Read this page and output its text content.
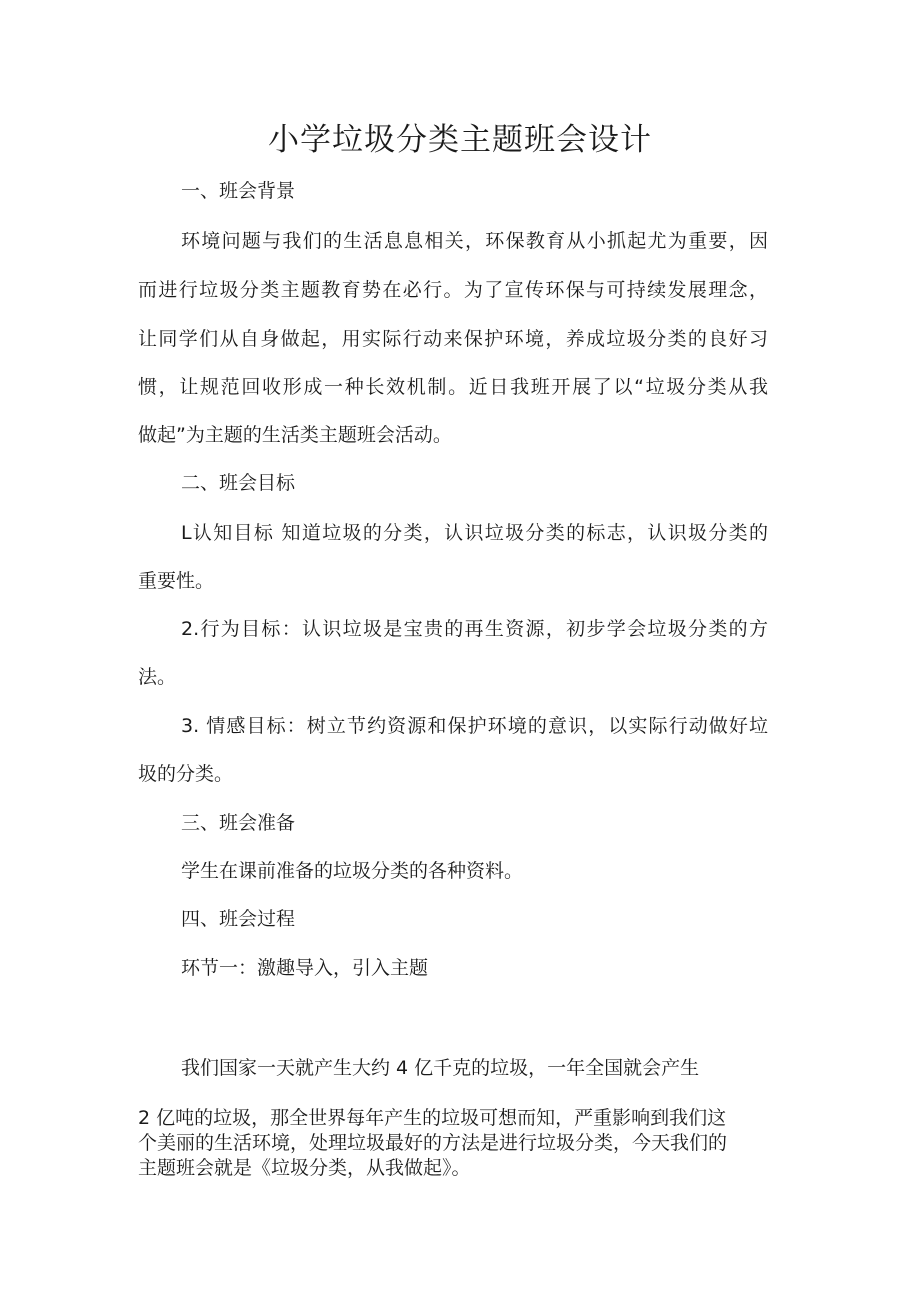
小学垃圾分类主题班会设计
一、班会背景
环境问题与我们的生活息息相关，环保教育从小抓起尤为重要，因
而进行垃圾分类主题教育势在必行。为了宣传环保与可持续发展理念，
让同学们从自身做起，用实际行动来保护环境，养成垃圾分类的良好习
惯，让规范回收形成一种长效机制。近日我班开展了以“垃圾分类从我
做起”为主题的生活类主题班会活动。
二、班会目标
L认知目标 知道垃圾的分类，认识垃圾分类的标志，认识圾分类的
重要性。
2.行为目标：认识垃圾是宝贵的再生资源，初步学会垃圾分类的方
法。
3. 情感目标：树立节约资源和保护环境的意识，以实际行动做好垃
圾的分类。
三、班会准备
学生在课前准备的垃圾分类的各种资料。
四、班会过程
环节一：激趣导入，引入主题
我们国家一天就产生大约 4 亿千克的垃圾，一年全国就会产生
2 亿吨的垃圾，那全世界每年产生的垃圾可想而知，严重影响到我们这
个美丽的生活环境，处理垃圾最好的方法是进行垃圾分类，今天我们的
主题班会就是《垃圾分类，从我做起》。
